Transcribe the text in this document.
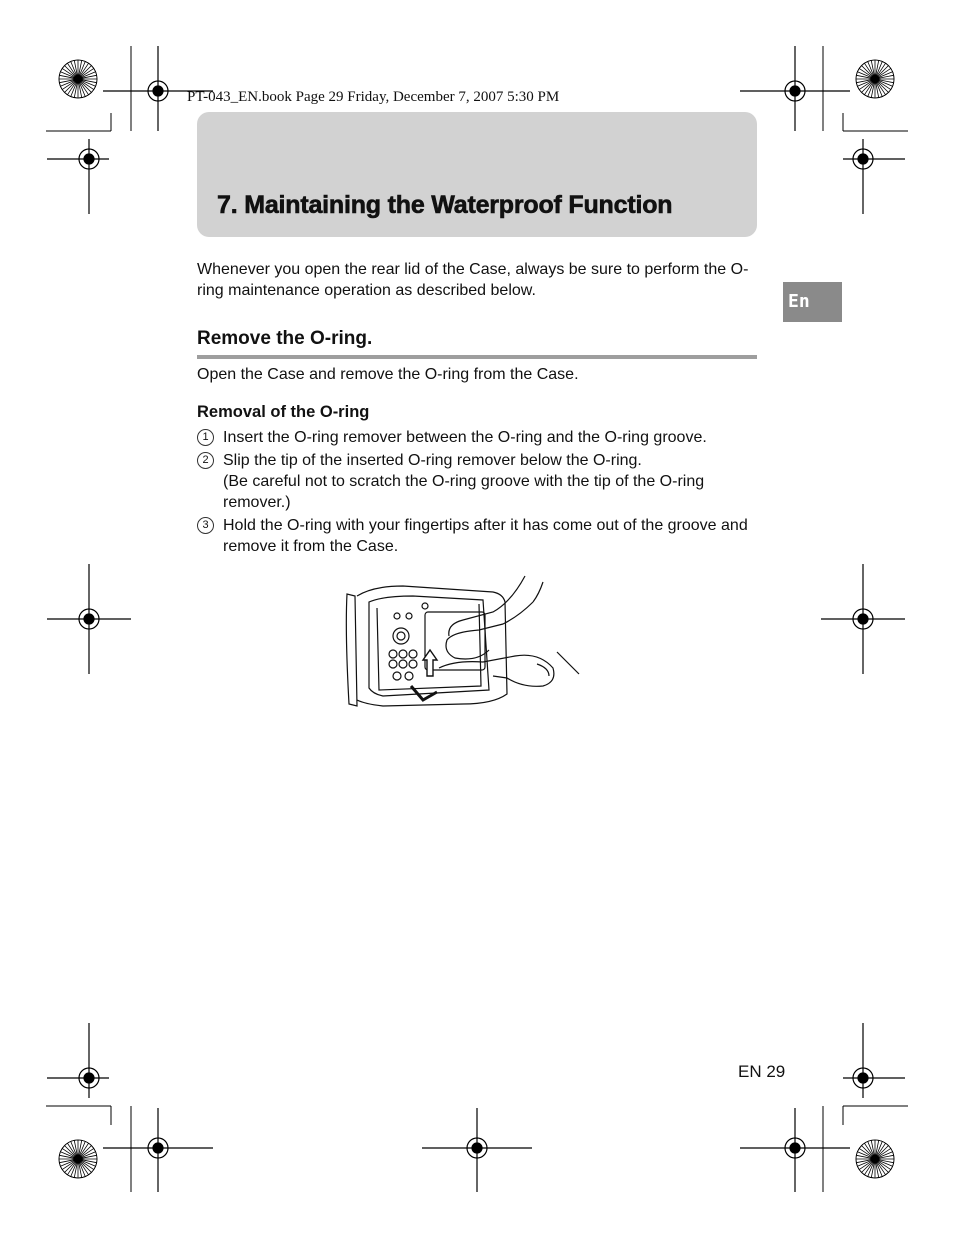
PT-043_EN.book Page 29 Friday, December 7, 2007 5:30 PM
7. Maintaining the Waterproof Function
Whenever you open the rear lid of the Case, always be sure to perform the O-ring maintenance operation as described below.
En
Remove the O-ring.
Open the Case and remove the O-ring from the Case.
Removal of the O-ring
1 Insert the O-ring remover between the O-ring and the O-ring groove.
2 Slip the tip of the inserted O-ring remover below the O-ring.
(Be careful not to scratch the O-ring groove with the tip of the O-ring remover.)
3 Hold the O-ring with your fingertips after it has come out of the groove and remove it from the Case.
EN 29
